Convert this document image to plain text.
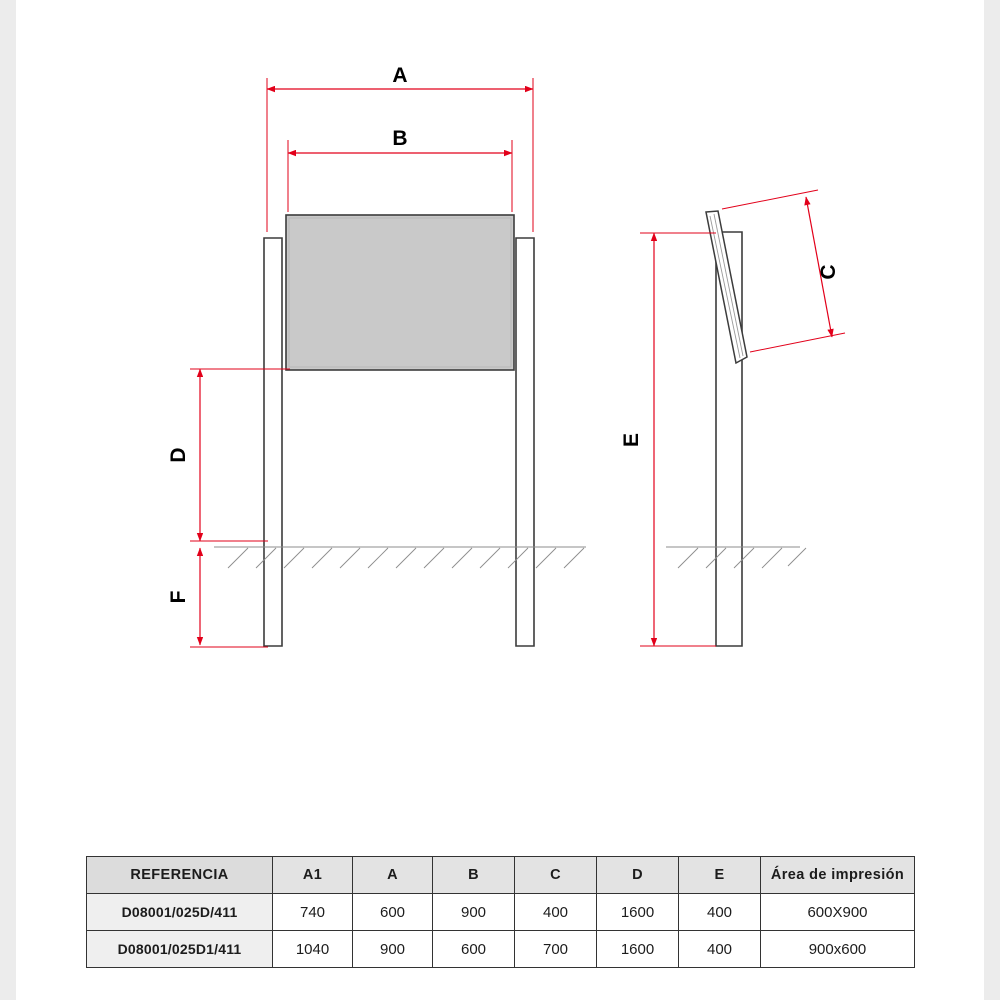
A
B
D
F
E
C
REFERENCIA	A1	A	B	C	D	E	Área de impresión
D08001/025D/411	740	600	900	400	1600	400	600X900
D08001/025D1/411	1040	900	600	700	1600	400	900x600
